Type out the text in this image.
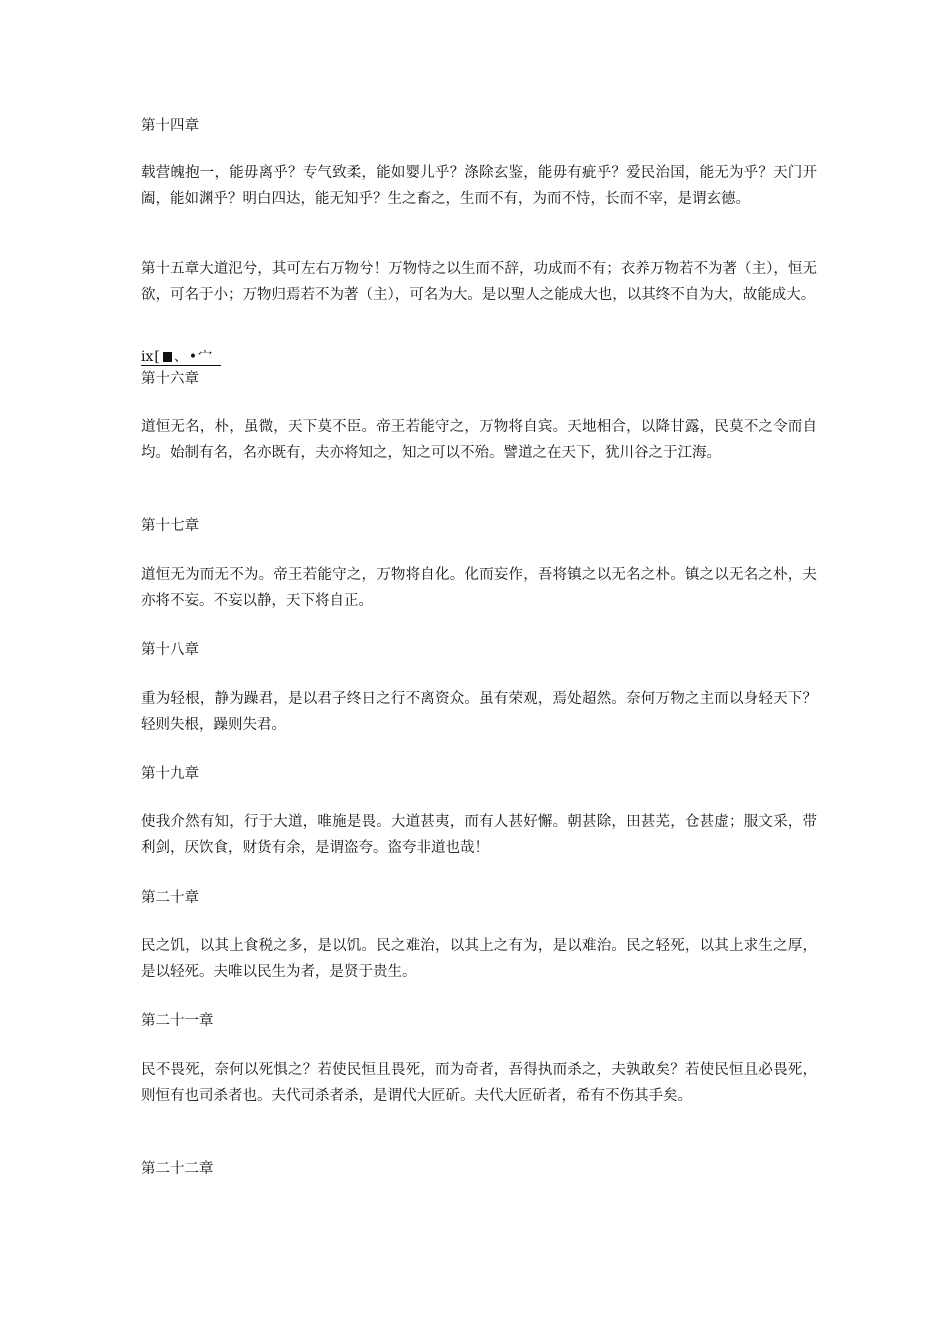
第十四章

载营魄抱一，能毋离乎？专气致柔，能如婴儿乎？涤除玄鉴，能毋有疵乎？爱民治国，能无为乎？天门开阖，能如渊乎？明白四达，能无知乎？生之畜之，生而不有，为而不恃，长而不宰，是谓玄德。

第十五章大道氾兮，其可左右万物兮！万物恃之以生而不辞，功成而不有；衣养万物若不为著（主），恒无欲，可名于小；万物归焉若不为著（主），可名为大。是以聖人之能成大也，以其终不自为大，故能成大。

ⅸ[ 、•宀
第十六章

道恒无名，朴，虽微，天下莫不臣。帝王若能守之，万物将自宾。天地相合，以降甘露，民莫不之令而自均。始制有名，名亦既有，夫亦将知之，知之可以不殆。譬道之在天下，犹川谷之于江海。

第十七章

道恒无为而无不为。帝王若能守之，万物将自化。化而妄作，吾将镇之以无名之朴。镇之以无名之朴，夫亦将不妄。不妄以静，天下将自正。

第十八章

重为轻根，静为躁君，是以君子终日之行不离资众。虽有荣观，焉处超然。奈何万物之主而以身轻天下？轻则失根，躁则失君。

第十九章

使我介然有知，行于大道，唯施是畏。大道甚夷，而有人甚好懈。朝甚除，田甚芜，仓甚虚；服文采，带利剑，厌饮食，财货有余，是谓盗夸。盗夸非道也哉！

第二十章

民之饥，以其上食税之多，是以饥。民之难治，以其上之有为，是以难治。民之轻死，以其上求生之厚，是以轻死。夫唯以民生为者，是贤于贵生。

第二十一章

民不畏死，奈何以死惧之？若使民恒且畏死，而为奇者，吾得执而杀之，夫孰敢矣？若使民恒且必畏死，则恒有也司杀者也。夫代司杀者杀，是谓代大匠斫。夫代大匠斫者，希有不伤其手矣。

第二十二章
